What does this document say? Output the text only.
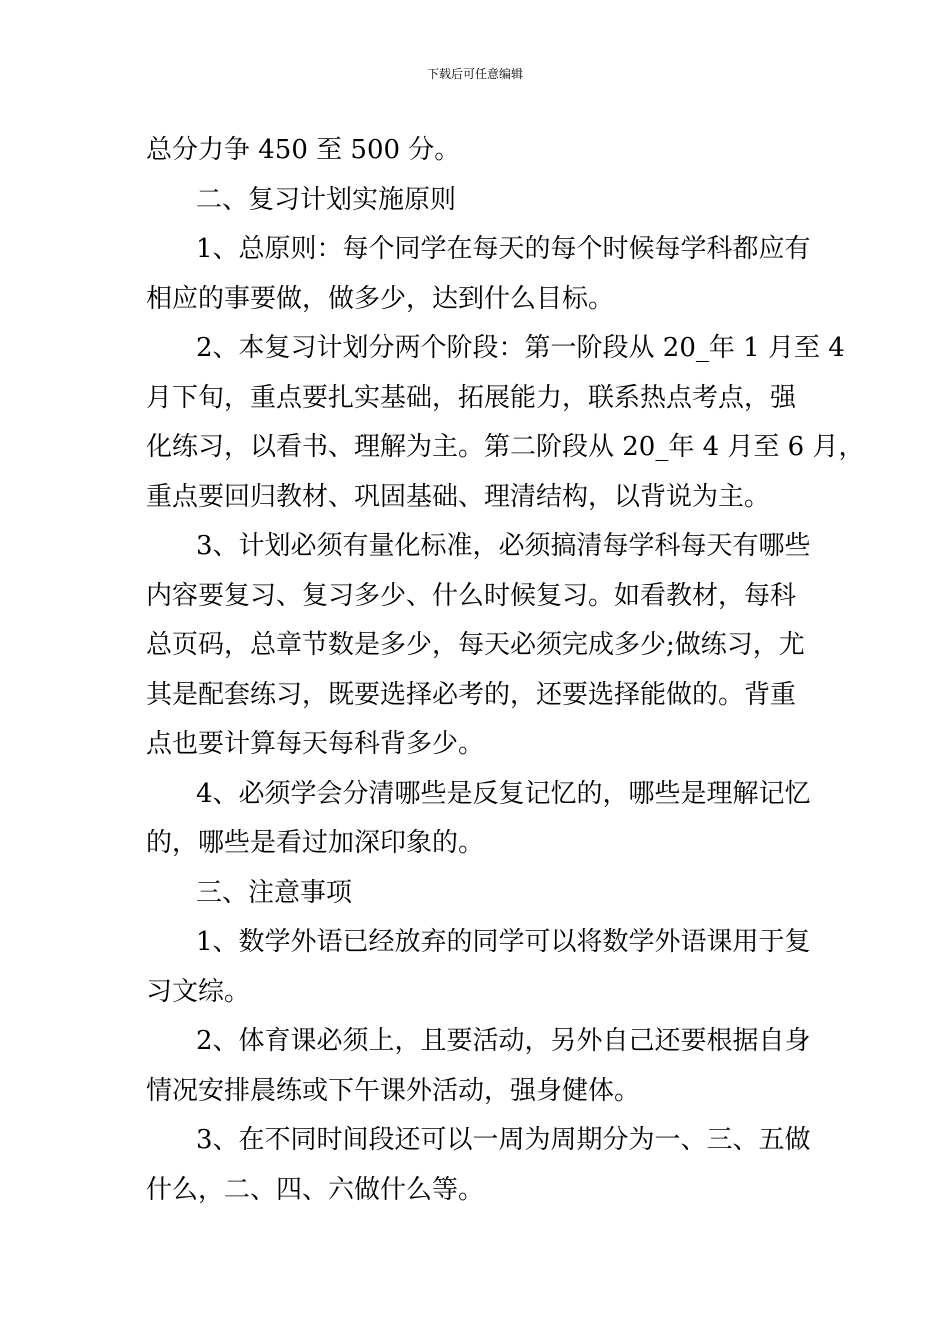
下载后可任意编辑
总分力争 450 至 500 分。
二、复习计划实施原则
1、总原则：每个同学在每天的每个时候每学科都应有
相应的事要做，做多少，达到什么目标。
2、本复习计划分两个阶段：第一阶段从 20_年 1 月至 4
月下旬，重点要扎实基础，拓展能力，联系热点考点，强
化练习，以看书、理解为主。第二阶段从 20_年 4 月至 6 月，
重点要回归教材、巩固基础、理清结构，以背说为主。
3、计划必须有量化标准，必须搞清每学科每天有哪些
内容要复习、复习多少、什么时候复习。如看教材，每科
总页码，总章节数是多少，每天必须完成多少;做练习，尤
其是配套练习，既要选择必考的，还要选择能做的。背重
点也要计算每天每科背多少。
4、必须学会分清哪些是反复记忆的，哪些是理解记忆
的，哪些是看过加深印象的。
三、注意事项
1、数学外语已经放弃的同学可以将数学外语课用于复
习文综。
2、体育课必须上，且要活动，另外自己还要根据自身
情况安排晨练或下午课外活动，强身健体。
3、在不同时间段还可以一周为周期分为一、三、五做
什么，二、四、六做什么等。
